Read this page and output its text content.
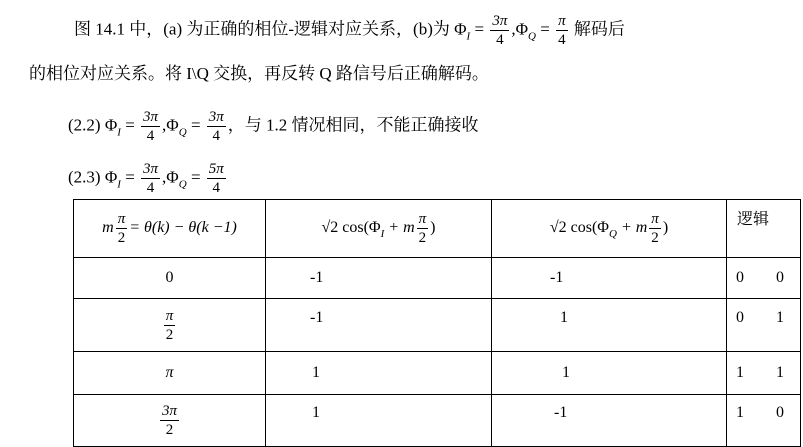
图 14.1 中，(a) 为正确的相位-逻辑对应关系，(b)为 $\Phi_I = \frac{3\pi}{4} ,\Phi_Q = \frac{\pi}{4}$ 解码后
的相位对应关系。将 I\Q 交换，再反转 Q 路信号后正确解码。
(2.2) $\Phi_I = \frac{3\pi}{4} ,\Phi_Q = \frac{3\pi}{4}$ ，与 1.2 情况相同，不能正确接收
(2.3) $\Phi_I = \frac{3\pi}{4} ,\Phi_Q = \frac{5\pi}{4}$
m $\frac{\pi}{2} = \theta(k) - \theta(k -1)$	√2 $\cos(\Phi_I + m \frac{\pi}{2}$ )	√2 $\cos(\Phi_Q + m \frac{\pi}{2}$ )	逻辑
0	-1	-1	0 0

$\frac{\pi}{2}$	-1	1	0 1
π	1	1	1 1

$\frac{3\pi}{2}$	1	-1	1 0
